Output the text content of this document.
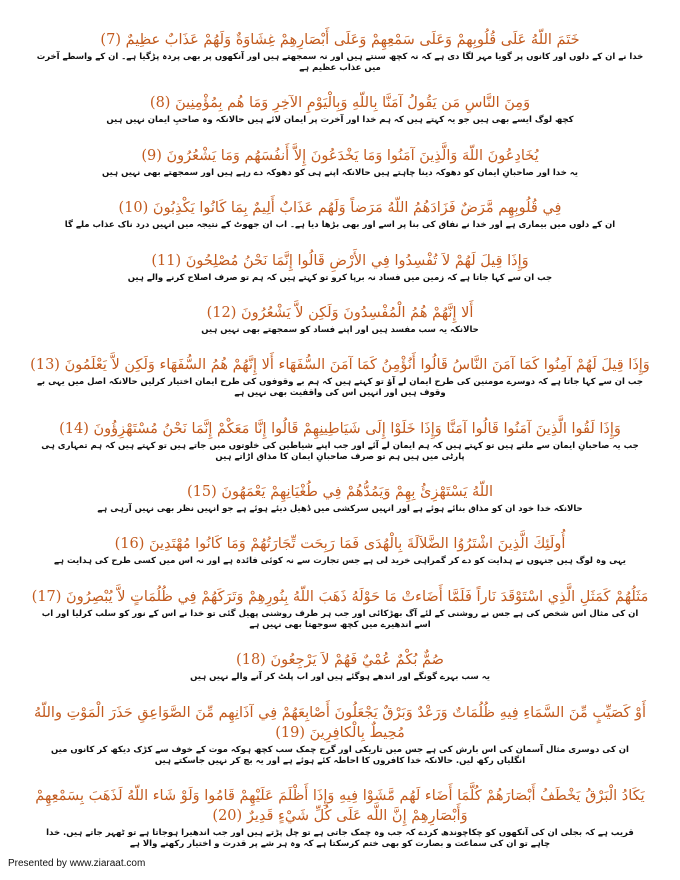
خَتَمَ اللّهُ عَلَى قُلُوبِهمْ وَعَلَى سَمْعِهِمْ وَعَلَى أَبْصَارِهِمْ غِشَاوَةٌ وَلَهُمْ عَذَابٌ عظِيمٌ (7)

خدا نے ان کے دلوں اور کانوں پر گویا مہر لگا دی ہے کہ نہ کچھ سنتے ہیں اور نہ سمجھتے ہیں اور آنکھوں پر بھی پردہ پڑگیا ہے۔ ان کے واسطے آخرت میں عذاب عظیم ہے

وَمِنَ النَّاسِ مَن يَقُولُ آمَنَّا بِاللّهِ وَبِالْيَوْمِ الآخِرِ وَمَا هُم بِمُؤْمِنِينَ (8)

کچھ لوگ ایسے بھی ہیں جو یہ کہتے ہیں کہ ہم خدا اور آخرت پر ایمان لائے ہیں حالانکہ وہ صاحبِ ایمان نہیں ہیں

يُخَادِعُونَ اللّهَ وَالَّذِينَ آمَنُوا وَمَا يَخْدَعُونَ إِلاَّ أَنفُسَهُم وَمَا يَشْعُرُونَ (9)

یہ خدا اور صاحبانِ ایمان کو دھوکہ دینا چاہتے ہیں حالانکہ اپنے ہی کو دھوکہ دے رہے ہیں اور سمجھتے بھی نہیں ہیں

فِي قُلُوبِهِم مَّرَضٌ فَزَادَهُمُ اللّهُ مَرَضاً وَلَهُم عَذَابٌ أَلِيمٌ بِمَا كَانُوا يَكْذِبُونَ (10)

ان کے دلوں میں بیماری ہے اور خدا نے نفاق کی بنا پر اسے اور بھی بڑھا دیا ہے۔ اب ان جھوٹ کے نتیجہ میں انہیں درد ناک عذاب ملے گا

وَإِذَا قِيلَ لَهُمْ لاَ تُفْسِدُوا فِي الأَرْضِ قَالُوا إِنَّمَا نَحْنُ مُصْلِحُونَ (11)

جب ان سے کہا جاتا ہے کہ زمین میں فساد نہ برپا کرو تو کہتے ہیں کہ ہم تو صرف اصلاح کرنے والے ہیں

أَلا إِنَّهُمْ هُمُ الْمُفْسِدُونَ وَلَكِن لاَّ يَشْعُرُونَ (12)

حالانکہ یہ سب مفسد ہیں اور اپنے فساد کو سمجھتے بھی نہیں ہیں

وَإِذَا قِيلَ لَهُمْ آمِنُوا كَمَا آمَنَ النَّاسُ قَالُوا أَنُؤْمِنُ كَمَا آمَنَ السُّفَهَاء أَلا إِنَّهُمْ هُمُ السُّفَهَاء وَلَكِن لاَّ يَعْلَمُونَ (13)

جب ان سے کہا جاتا ہے کہ دوسرے مومنین کی طرح ایمان لے آؤ تو کہتے ہیں کہ ہم بے وقوفوں کی طرح ایمان اختیار کرلیں حالانکہ اصل میں یہی بے وقوف ہیں اور انہیں اس کی واقفیت بھی نہیں ہے

وَإِذَا لَقُوا الَّذِينَ آمَنُوا قَالُوا آمَنَّا وَإِذَا خَلَوْا إِلَى شَيَاطِينِهِمْ قَالُوا إِنَّا مَعَكْمْ إِنَّمَا نَحْنُ مُسْتَهْزِؤُونَ (14)

جب یہ صاحبانِ ایمان سے ملتے ہیں تو کہتے ہیں کہ ہم ایمان لے آئے اور جب اپنے شیاطین کی خلوتوں میں جاتے ہیں تو کہتے ہیں کہ ہم تمہاری ہی پارٹی میں ہیں ہم تو صرف صاحبانِ ایمان کا مذاق اڑاتے ہیں

اللّهُ يَسْتَهْزِئُ بِهِمْ وَيَمُدُّهُمْ فِي طُغْيَانِهِمْ يَعْمَهُونَ (15)

حالانکہ خدا خود ان کو مذاق بنائے ہوئے ہے اور انہیں سرکشی میں ڈھیل دیئے ہوئے ہے جو انہیں نظر بھی نہیں آرہی ہے

أُولَئِكَ الَّذِينَ اشْتَرُوُا الضَّلاَلَةَ بِالْهُدَى فَمَا رَبِحَت تِّجَارَتُهُمْ وَمَا كَانُوا مُهْتَدِينَ (16)

یہی وہ لوگ ہیں جنہوں نے ہدایت کو دے کر گمراہی خرید لی ہے جس تجارت سے نہ کوئی فائدہ ہے اور نہ اس میں کسی طرح کی ہدایت ہے

مَثَلُهُمْ كَمَثَلِ الَّذِي اسْتَوْقَدَ نَاراً فَلَمَّا أَضَاءتْ مَا حَوْلَهُ ذَهَبَ اللّهُ بِنُورِهِمْ وَتَرَكَهُمْ فِي ظُلُمَاتٍ لاَّ يُبْصِرُونَ (17)

ان کی مثال اس شخص کی ہے جس نے روشنی کے لئے آگ بھڑکائی اور جب ہر طرف روشنی پھیل گئی تو خدا نے اس کے نور کو سلب کرلیا اور اب اسے اندھیرے میں کچھ سوجھتا بھی نہیں ہے

صُمٌّ بُكْمٌ عُمْيٌ فَهُمْ لاَ يَرْجِعُونَ (18)

یہ سب بہرے گونگے اور اندھے ہوگئے ہیں اور اب پلٹ کر آنے والے نہیں ہیں

أَوْ كَصَيِّبٍ مِّنَ السَّمَاءِ فِيهِ ظُلُمَاتٌ وَرَعْدٌ وَبَرْقٌ يَجْعَلُونَ أَصْابِعَهُمْ فِي آذَانِهِم مِّنَ الصَّوَاعِقِ حَذَرَ الْمَوْتِ واللّهُ مُحِيطٌ بِالْكافِرِينَ (19)

ان کی دوسری مثال آسمان کی اس بارش کی ہے جس میں تاریکی اور گرج چمک سب کچھ ہوکہ موت کے خوف سے کڑک دیکھ کر کانوں میں انگلیاں رکھ لیں. حالانکہ خدا کافروں کا احاطہ کئے ہوئے ہے اور یہ بچ کر نہیں جاسکتے ہیں

يَكَادُ الْبَرْقُ يَخْطَفُ أَبْصَارَهُمْ كُلَّمَا أَضَاء لَهُم مَّشَوْا فِيهِ وَإِذَا أَظْلَمَ عَلَيْهِمْ قَامُوا وَلَوْ شَاء اللّهُ لَذَهَبَ بِسَمْعِهِمْ وَأَبْصَارِهِمْ إِنَّ اللَّه عَلَى كُلِّ شَيْءٍ قَدِيرٌ (20)

قریب ہے کہ بجلی ان کی آنکھوں کو چکاچوندھ کردے کہ جب وہ چمک جاتی ہے تو چل پڑتے ہیں اور جب اندھیرا ہوجاتا ہے تو ٹھہر جاتے ہیں. خدا چاہے تو ان کی سماعت و بصارت کو بھی ختم کرسکتا ہے کہ وہ ہر شے پر قدرت و اختیار رکھنے والا ہے

Presented by www.ziaraat.com
